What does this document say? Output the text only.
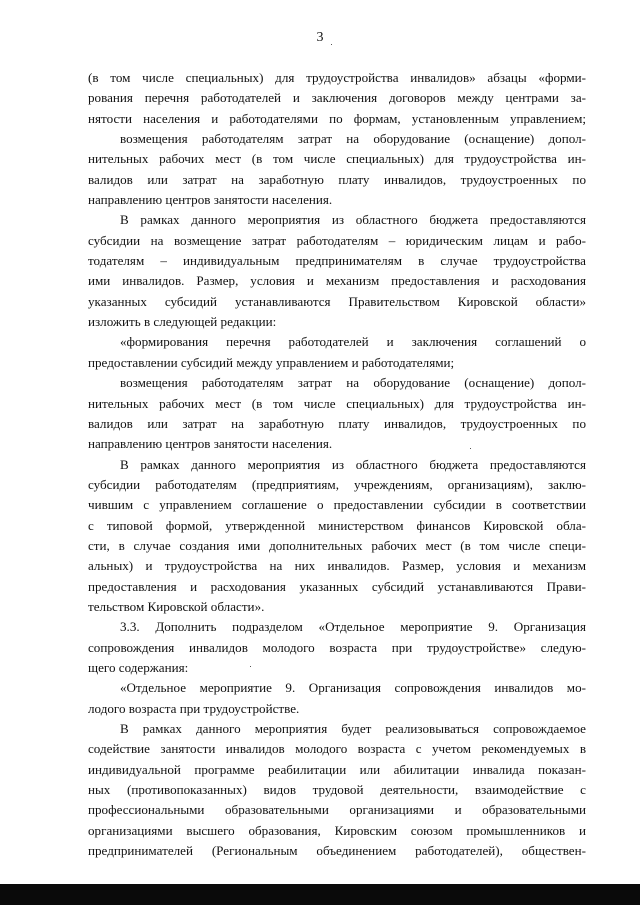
3
(в том числе специальных) для трудоустройства инвалидов» абзацы «форми-
рования перечня работодателей и заключения договоров между центрами за-
нятости населения и работодателями по формам, установленным управлением;
возмещения работодателям затрат на оборудование (оснащение) допол-
нительных рабочих мест (в том числе специальных) для трудоустройства ин-
валидов или затрат на заработную плату инвалидов, трудоустроенных по
направлению центров занятости населения.
В рамках данного мероприятия из областного бюджета предоставляются
субсидии на возмещение затрат работодателям – юридическим лицам и рабо-
тодателям – индивидуальным предпринимателям в случае трудоустройства
ими инвалидов. Размер, условия и механизм предоставления и расходования
указанных субсидий устанавливаются Правительством Кировской области»
изложить в следующей редакции:
«формирования перечня работодателей и заключения соглашений о
предоставлении субсидий между управлением и работодателями;
возмещения работодателям затрат на оборудование (оснащение) допол-
нительных рабочих мест (в том числе специальных) для трудоустройства ин-
валидов или затрат на заработную плату инвалидов, трудоустроенных по
направлению центров занятости населения.
В рамках данного мероприятия из областного бюджета предоставляются
субсидии работодателям (предприятиям, учреждениям, организациям), заклю-
чившим с управлением соглашение о предоставлении субсидии в соответствии
с типовой формой, утвержденной министерством финансов Кировской обла-
сти, в случае создания ими дополнительных рабочих мест (в том числе специ-
альных) и трудоустройства на них инвалидов. Размер, условия и механизм
предоставления и расходования указанных субсидий устанавливаются Прави-
тельством Кировской области».
3.3. Дополнить подразделом «Отдельное мероприятие 9. Организация
сопровождения инвалидов молодого возраста при трудоустройстве» следую-
щего содержания:
«Отдельное мероприятие 9. Организация сопровождения инвалидов мо-
лодого возраста при трудоустройстве.
В рамках данного мероприятия будет реализовываться сопровождаемое
содействие занятости инвалидов молодого возраста с учетом рекомендуемых в
индивидуальной программе реабилитации или абилитации инвалида показан-
ных (противопоказанных) видов трудовой деятельности, взаимодействие с
профессиональными образовательными организациями и образовательными
организациями высшего образования, Кировским союзом промышленников и
предпринимателей (Региональным объединением работодателей), обществен-
